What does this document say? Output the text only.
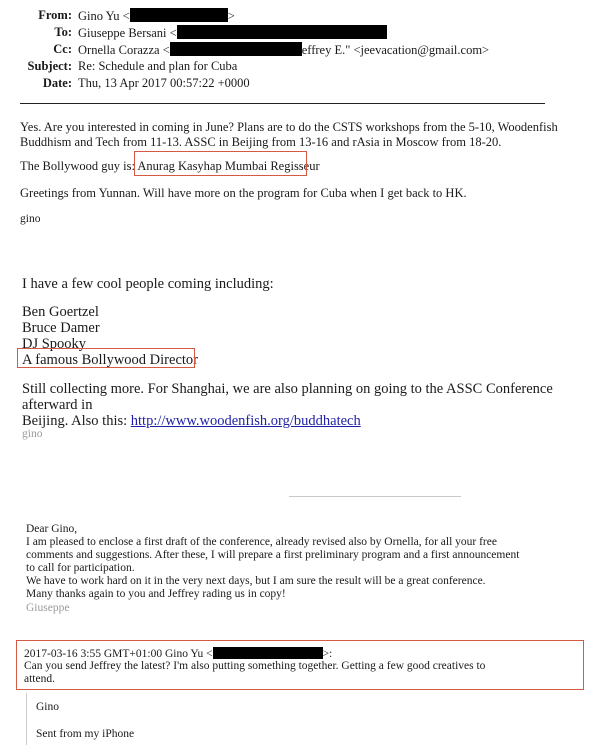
From: Gino Yu <	>
To: Giuseppe Bersani <
Cc: Ornella Corazza <	effrey E." <jeevacation@gmail.com>
Subject: Re: Schedule and plan for Cuba
Date: Thu, 13 Apr 2017 00:57:22 +0000
Yes. Are you interested in coming in June? Plans are to do the CSTS workshops from the 5-10, Woodenfish
Buddhism and Tech from 11-13. ASSC in Beijing from 13-16 and rAsia in Moscow from 18-20.
The Bollywood guy is: Anurag Kasyhap Mumbai Regisseur
Greetings from Yunnan. Will have more on the program for Cuba when I get back to HK.
gino
I have a few cool people coming including:
Ben Goertzel
Bruce Damer
DJ Spooky
A famous Bollywood Director
Still collecting more. For Shanghai, we are also planning on going to the ASSC Conference afterward in
Beijing. Also this: http://www.woodenfish.org/buddhatech
gino
Dear Gino,
I am pleased to enclose a first draft of the conference, already revised also by Ornella, for all your free
comments and suggestions. After these, I will prepare a first preliminary program and a first announcement
to call for participation.
We have to work hard on it in the very next days, but I am sure the result will be a great conference.
Many thanks again to you and Jeffrey rading us in copy!
Giuseppe
2017-03-16 3:55 GMT+01:00 Gino Yu <	>:
Can you send Jeffrey the latest? I'm also putting something together. Getting a few good creatives to
attend.
Gino
Sent from my iPhone
